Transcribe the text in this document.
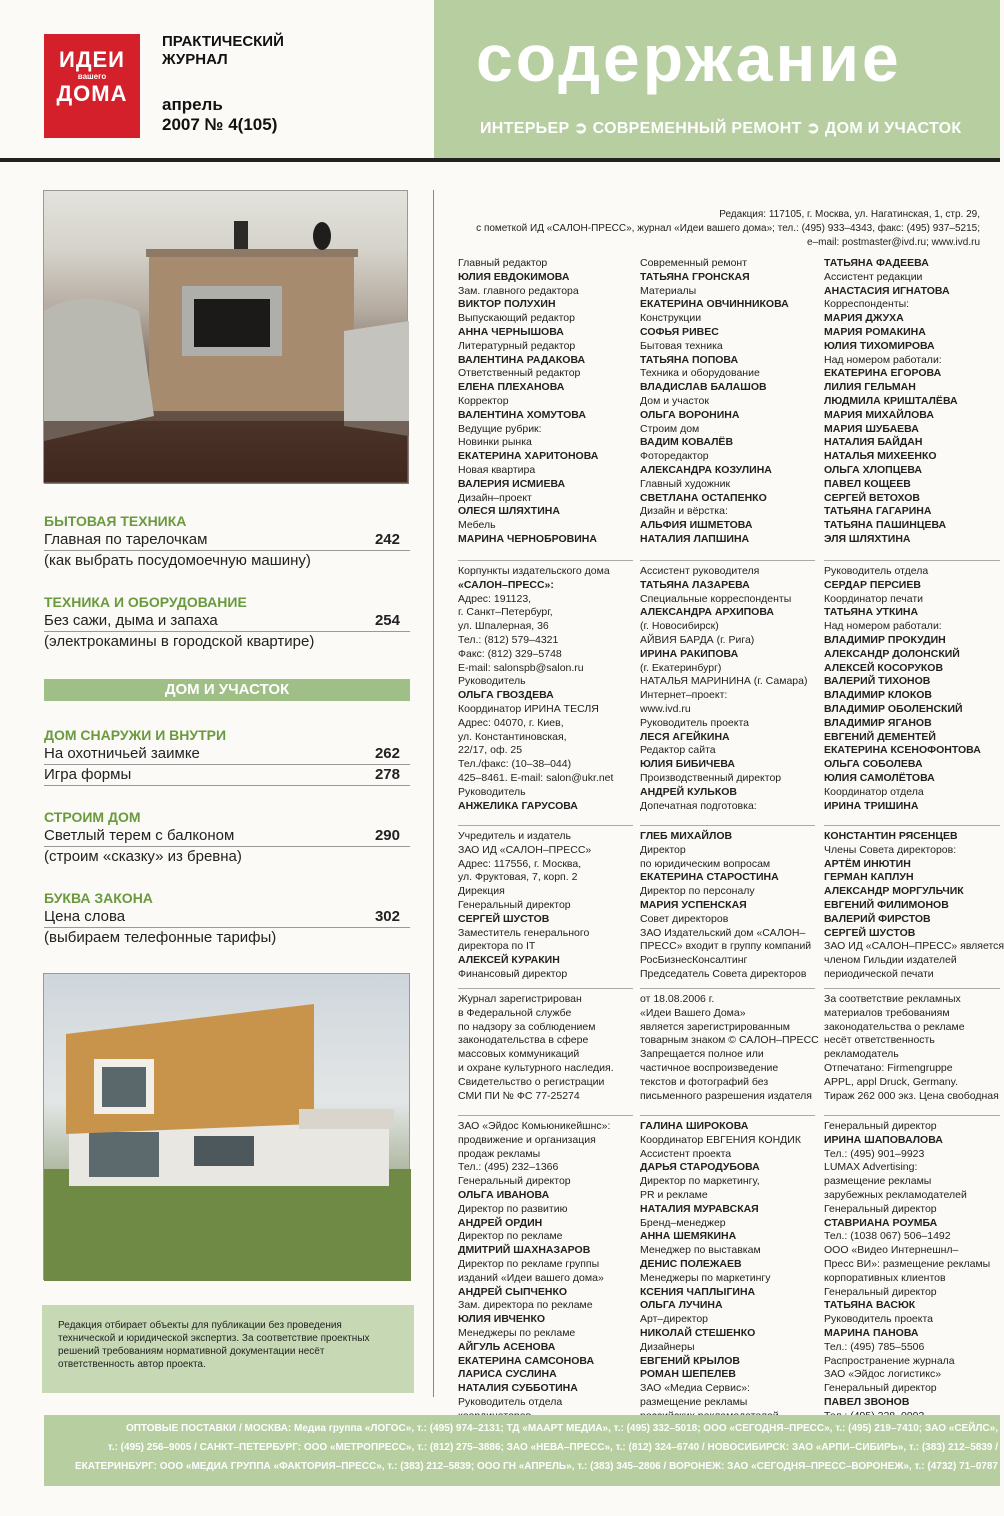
ИДЕИ
вашего
ДОМА
ПРАКТИЧЕСКИЙ
ЖУРНАЛ
апрель
2007 № 4(105)
содержание
ИНТЕРЬЕР ➲ СОВРЕМЕННЫЙ РЕМОНТ ➲ ДОМ И УЧАСТОК
БЫТОВАЯ ТЕХНИКА
Главная по тарелочкам	242
(как выбрать посудомоечную машину)
ТЕХНИКА И ОБОРУДОВАНИЕ
Без сажи, дыма и запаха	254
(электрокамины в городской квартире)
ДОМ И УЧАСТОК
ДОМ СНАРУЖИ И ВНУТРИ
На охотничьей заимке	262
Игра формы	278
СТРОИМ ДОМ
Светлый терем с балконом	290
(строим «сказку» из бревна)
БУКВА ЗАКОНА
Цена слова	302
(выбираем телефонные тарифы)
Редакция отбирает объекты для публикации без проведения технической и юридической экспертиз. За соответствие проектных решений требованиям нормативной документации несёт ответственность автор проекта.
Редакция: 117105, г. Москва, ул. Нагатинская, 1, стр. 29,
с пометкой ИД «САЛОН-ПРЕСС», журнал «Идеи вашего дома»; тел.: (495) 933–4343, факс: (495) 937–5215;
e–mail: postmaster@ivd.ru; www.ivd.ru
Главный редактор
ЮЛИЯ ЕВДОКИМОВА
Зам. главного редактора
ВИКТОР ПОЛУХИН
Выпускающий редактор
АННА ЧЕРНЫШОВА
Литературный редактор
ВАЛЕНТИНА РАДАКОВА
Ответственный редактор
ЕЛЕНА ПЛЕХАНОВА
Корректор
ВАЛЕНТИНА ХОМУТОВА
Ведущие рубрик:
Новинки рынка
ЕКАТЕРИНА ХАРИТОНОВА
Новая квартира
ВАЛЕРИЯ ИСМИЕВА
Дизайн–проект
ОЛЕСЯ ШЛЯХТИНА
Мебель
МАРИНА ЧЕРНОБРОВИНА
Современный ремонт
ТАТЬЯНА ГРОНСКАЯ
Материалы
ЕКАТЕРИНА ОВЧИННИКОВА
Конструкции
СОФЬЯ РИВЕС
Бытовая техника
ТАТЬЯНА ПОПОВА
Техника и оборудование
ВЛАДИСЛАВ БАЛАШОВ
Дом и участок
ОЛЬГА ВОРОНИНА
Строим дом
ВАДИМ КОВАЛЁВ
Фоторедактор
АЛЕКСАНДРА КОЗУЛИНА
Главный художник
СВЕТЛАНА ОСТАПЕНКО
Дизайн и вёрстка:
АЛЬФИЯ ИШМЕТОВА
НАТАЛИЯ ЛАПШИНА
ТАТЬЯНА ФАДЕЕВА
Ассистент редакции
АНАСТАСИЯ ИГНАТОВА
Корреспонденты:
МАРИЯ ДЖУХА
МАРИЯ РОМАКИНА
ЮЛИЯ ТИХОМИРОВА
Над номером работали:
ЕКАТЕРИНА ЕГОРОВА
ЛИЛИЯ ГЕЛЬМАН
ЛЮДМИЛА КРИШТАЛЁВА
МАРИЯ МИХАЙЛОВА
МАРИЯ ШУБАЕВА
НАТАЛИЯ БАЙДАН
НАТАЛЬЯ МИХЕЕНКО
ОЛЬГА ХЛОПЦЕВА
ПАВЕЛ КОЩЕЕВ
СЕРГЕЙ ВЕТОХОВ
ТАТЬЯНА ГАГАРИНА
ТАТЬЯНА ПАШИНЦЕВА
ЭЛЯ ШЛЯХТИНА
Корпункты издательского дома
«САЛОН–ПРЕСС»:
Адрес: 191123,
г. Санкт–Петербург,
ул. Шпалерная, 36
Тел.: (812) 579–4321
Факс: (812) 329–5748
E-mail: salonspb@salon.ru
Руководитель
ОЛЬГА ГВОЗДЕВА
Координатор ИРИНА ТЕСЛЯ
Адрес: 04070, г. Киев,
ул. Константиновская,
22/17, оф. 25
Тел./факс: (10–38–044)
425–8461. E-mail: salon@ukr.net
Руководитель
АНЖЕЛИКА ГАРУСОВА
Ассистент руководителя
ТАТЬЯНА ЛАЗАРЕВА
Специальные корреспонденты
АЛЕКСАНДРА АРХИПОВА
(г. Новосибирск)
АЙВИЯ БАРДА (г. Рига)
ИРИНА РАКИПОВА
(г. Екатеринбург)
НАТАЛЬЯ МАРИНИНА (г. Самара)
Интернет–проект:
www.ivd.ru
Руководитель проекта
ЛЕСЯ АГЕЙКИНА
Редактор сайта
ЮЛИЯ БИБИЧЕВА
Производственный директор
АНДРЕЙ КУЛЬКОВ
Допечатная подготовка:
Руководитель отдела
СЕРДАР ПЕРСИЕВ
Координатор печати
ТАТЬЯНА УТКИНА
Над номером работали:
ВЛАДИМИР ПРОКУДИН
АЛЕКСАНДР ДОЛОНСКИЙ
АЛЕКСЕЙ КОСОРУКОВ
ВАЛЕРИЙ ТИХОНОВ
ВЛАДИМИР КЛОКОВ
ВЛАДИМИР ОБОЛЕНСКИЙ
ВЛАДИМИР ЯГАНОВ
ЕВГЕНИЙ ДЕМЕНТЕЙ
ЕКАТЕРИНА КСЕНОФОНТОВА
ОЛЬГА СОБОЛЕВА
ЮЛИЯ САМОЛЁТОВА
Координатор отдела
ИРИНА ТРИШИНА
Учредитель и издатель
ЗАО ИД «САЛОН–ПРЕСС»
Адрес: 117556, г. Москва,
ул. Фруктовая, 7, корп. 2
Дирекция
Генеральный директор
СЕРГЕЙ ШУСТОВ
Заместитель генерального
директора по IT
АЛЕКСЕЙ КУРАКИН
Финансовый директор
ГЛЕБ МИХАЙЛОВ
Директор
по юридическим вопросам
ЕКАТЕРИНА СТАРОСТИНА
Директор по персоналу
МАРИЯ УСПЕНСКАЯ
Совет директоров
ЗАО Издательский дом «САЛОН–
ПРЕСС» входит в группу компаний
РосБизнесКонсалтинг
Председатель Совета директоров
КОНСТАНТИН РЯСЕНЦЕВ
Члены Совета директоров:
АРТЁМ ИНЮТИН
ГЕРМАН КАПЛУН
АЛЕКСАНДР МОРГУЛЬЧИК
ЕВГЕНИЙ ФИЛИМОНОВ
ВАЛЕРИЙ ФИРСТОВ
СЕРГЕЙ ШУСТОВ
ЗАО ИД «САЛОН–ПРЕСС» является
членом Гильдии издателей
периодической печати
Журнал зарегистрирован
в Федеральной службе
по надзору за соблюдением
законодательства в сфере
массовых коммуникаций
и охране культурного наследия.
Свидетельство о регистрации
СМИ ПИ № ФС 77-25274
от 18.08.2006 г.
«Идеи Вашего Дома»
является зарегистрированным
товарным знаком © САЛОН–ПРЕСС
Запрещается полное или
частичное воспроизведение
текстов и фотографий без
письменного разрешения издателя
За соответствие рекламных
материалов требованиям
законодательства о рекламе
несёт ответственность
рекламодатель
Отпечатано: Firmengruppe
APPL, appl Druck, Germany.
Тираж 262 000 экз. Цена свободная
ЗАО «Эйдос Комьюникейшнс»:
продвижение и организация
продаж рекламы
Тел.: (495) 232–1366
Генеральный директор
ОЛЬГА ИВАНОВА
Директор по развитию
АНДРЕЙ ОРДИН
Директор по рекламе
ДМИТРИЙ ШАХНАЗАРОВ
Директор по рекламе группы
изданий «Идеи вашего дома»
АНДРЕЙ СЫПЧЕНКО
Зам. директора по рекламе
ЮЛИЯ ИВЧЕНКО
Менеджеры по рекламе
АЙГУЛЬ АСЕНОВА
ЕКАТЕРИНА САМСОНОВА
ЛАРИСА СУСЛИНА
НАТАЛИЯ СУББОТИНА
Руководитель отдела
ГАЛИНА ШИРОКОВА
Координатор ЕВГЕНИЯ КОНДИК
Ассистент проекта
ДАРЬЯ СТАРОДУБОВА
Директор по маркетингу,
PR и рекламе
НАТАЛИЯ МУРАВСКАЯ
Бренд–менеджер
АННА ШЕМЯКИНА
Менеджер по выставкам
ДЕНИС ПОЛЕЖАЕВ
Менеджеры по маркетингу
КСЕНИЯ ЧАПЛЫГИНА
ОЛЬГА ЛУЧИНА
Арт–директор
НИКОЛАЙ СТЕШЕНКО
Дизайнеры
ЕВГЕНИЙ КРЫЛОВ
РОМАН ШЕПЕЛЕВ
ЗАО «Медиа Сервис»:
размещение рекламы
Генеральный директор
ИРИНА ШАПОВАЛОВА
Тел.: (495) 901–9923
LUMAX Advertising:
размещение рекламы
зарубежных рекламодателей
Генеральный директор
СТАВРИАНА РОУМБА
Тел.: (1038 067) 506–1492
ООО «Видео Интернешнл–
Пресс ВИ»: размещение рекламы
корпоративных клиентов
Генеральный директор
ТАТЬЯНА ВАСЮК
Руководитель проекта
МАРИНА ПАНОВА
Тел.: (495) 785–5506
Распространение журнала
ЗАО «Эйдос логистикс»
Генеральный директор
ПАВЕЛ ЗВОНОВ
ОПТОВЫЕ ПОСТАВКИ / МОСКВА: Медиа группа «ЛОГОС», т.: (495) 974–2131; ТД «МААРТ МЕДИА», т.: (495) 332–5018; ООО «СЕГОДНЯ–ПРЕСС», т.: (495) 219–7410; ЗАО «СЕЙЛС»,
т.: (495) 256–9005 / САНКТ–ПЕТЕРБУРГ: ООО «МЕТРОПРЕСС», т.: (812) 275–3886; ЗАО «НЕВА–ПРЕСС», т.: (812) 324–6740 / НОВОСИБИРСК: ЗАО «АРПИ–СИБИРЬ», т.: (383) 212–5839 /
ЕКАТЕРИНБУРГ: ООО «МЕДИА ГРУППА «ФАКТОРИЯ–ПРЕСС», т.: (383) 212–5839; ООО ГН «АПРЕЛЬ», т.: (383) 345–2806 / ВОРОНЕЖ: ЗАО «СЕГОДНЯ–ПРЕСС–ВОРОНЕЖ», т.: (4732) 71–0787
